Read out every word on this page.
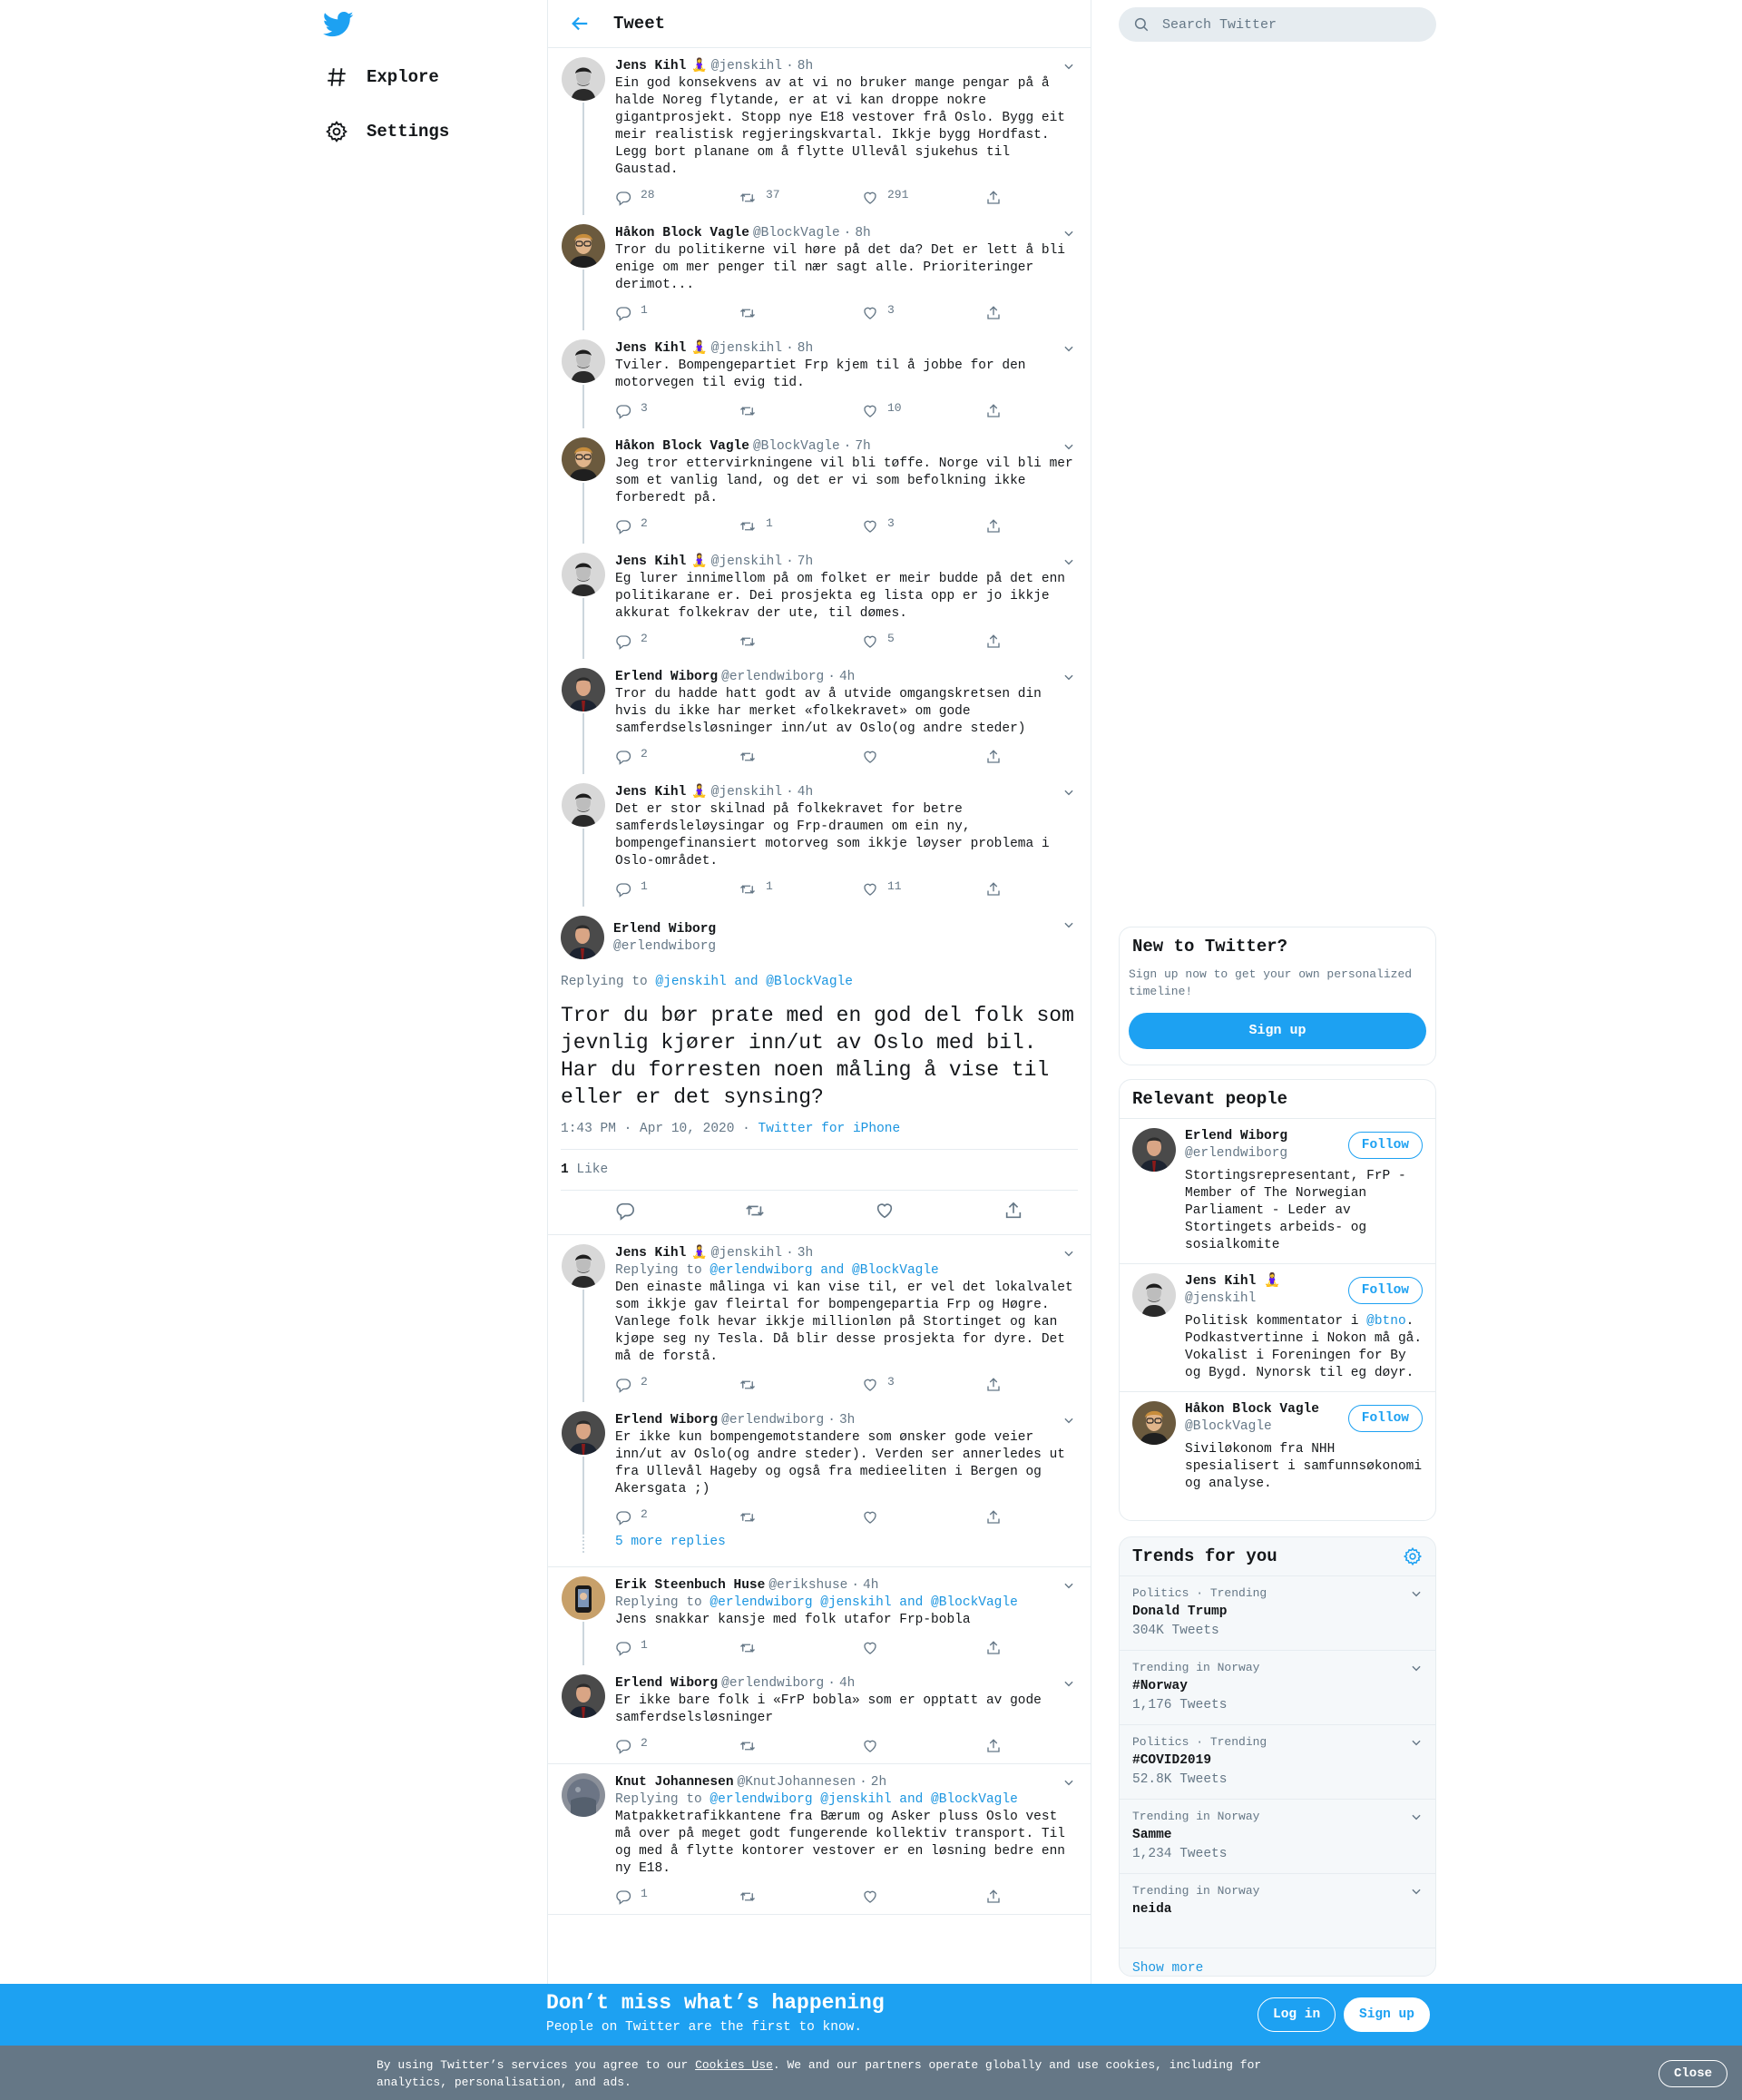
Explore
Settings
Tweet
Jens Kihl 🧘‍♀️ @jenskihl · 8h
Ein god konsekvens av at vi no bruker mange pengar på å halde Noreg flytande, er at vi kan droppe nokre gigantprosjekt. Stopp nye E18 vestover frå Oslo. Bygg eit meir realistisk regjeringskvartal. Ikkje bygg Hordfast. Legg bort planane om å flytte Ullevål sjukehus til Gaustad.
28	37	291
Håkon Block Vagle @BlockVagle · 8h
Tror du politikerne vil høre på det da? Det er lett å bli enige om mer penger til nær sagt alle. Prioriteringer derimot...
1	3
Jens Kihl 🧘‍♀️ @jenskihl · 8h
Tviler. Bompengepartiet Frp kjem til å jobbe for den motorvegen til evig tid.
3	10
Håkon Block Vagle @BlockVagle · 7h
Jeg tror ettervirkningene vil bli tøffe. Norge vil bli mer som et vanlig land, og det er vi som befolkning ikke forberedt på.
2	1	3
Jens Kihl 🧘‍♀️ @jenskihl · 7h
Eg lurer innimellom på om folket er meir budde på det enn politikarane er. Dei prosjekta eg lista opp er jo ikkje akkurat folkekrav der ute, til dømes.
2	5
Erlend Wiborg @erlendwiborg · 4h
Tror du hadde hatt godt av å utvide omgangskretsen din hvis du ikke har merket «folkekravet» om gode samferdselsløsninger inn/ut av Oslo(og andre steder)
2
Jens Kihl 🧘‍♀️ @jenskihl · 4h
Det er stor skilnad på folkekravet for betre samferdsleløysingar og Frp-draumen om ein ny, bompengefinansiert motorveg som ikkje løyser problema i Oslo-området.
1	1	11
Erlend Wiborg
@erlendwiborg
Replying to @jenskihl and @BlockVagle
Tror du bør prate med en god del folk som jevnlig kjører inn/ut av Oslo med bil. Har du forresten noen måling å vise til eller er det synsing?
1:43 PM · Apr 10, 2020 · Twitter for iPhone
1 Like
Jens Kihl 🧘‍♀️ @jenskihl · 3h
Replying to @erlendwiborg and @BlockVagle
Den einaste målinga vi kan vise til, er vel det lokalvalet som ikkje gav fleirtal for bompengepartia Frp og Høgre. Vanlege folk hevar ikkje millionløn på Stortinget og kan kjøpe seg ny Tesla. Då blir desse prosjekta for dyre. Det må de forstå.
2	3
Erlend Wiborg @erlendwiborg · 3h
Er ikke kun bompengemotstandere som ønsker gode veier inn/ut av Oslo(og andre steder). Verden ser annerledes ut fra Ullevål Hageby og også fra medieeliten i Bergen og Akersgata ;)
2
5 more replies
Erik Steenbuch Huse @erikshuse · 4h
Replying to @erlendwiborg @jenskihl and @BlockVagle
Jens snakkar kansje med folk utafor Frp-bobla
1
Erlend Wiborg @erlendwiborg · 4h
Er ikke bare folk i «FrP bobla» som er opptatt av gode samferdselsløsninger
2
Knut Johannesen @KnutJohannesen · 2h
Replying to @erlendwiborg @jenskihl and @BlockVagle
Matpakketrafikkantene fra Bærum og Asker pluss Oslo vest må over på meget godt fungerende kollektiv transport. Til og med å flytte kontorer vestover er en løsning bedre enn ny E18.
1
Search Twitter
New to Twitter?
Sign up now to get your own personalized timeline!
Sign up
Relevant people
Erlend Wiborg
@erlendwiborg
Stortingsrepresentant, FrP - Member of The Norwegian Parliament - Leder av Stortingets arbeids- og sosialkomite
Follow
Jens Kihl 🧘‍♀️
@jenskihl
Politisk kommentator i @btno. Podkastvertinne i Nokon må gå. Vokalist i Foreningen for By og Bygd. Nynorsk til eg døyr.
Follow
Håkon Block Vagle
@BlockVagle
Siviløkonom fra NHH spesialisert i samfunnsøkonomi og analyse.
Follow
Trends for you
Politics · Trending
Donald Trump
304K Tweets
Trending in Norway
#Norway
1,176 Tweets
Politics · Trending
#COVID2019
52.8K Tweets
Trending in Norway
Samme
1,234 Tweets
Trending in Norway
neida
Show more
Don’t miss what’s happening
People on Twitter are the first to know.
Log in	Sign up
By using Twitter’s services you agree to our Cookies Use. We and our partners operate globally and use cookies, including for analytics, personalisation, and ads.
Close
